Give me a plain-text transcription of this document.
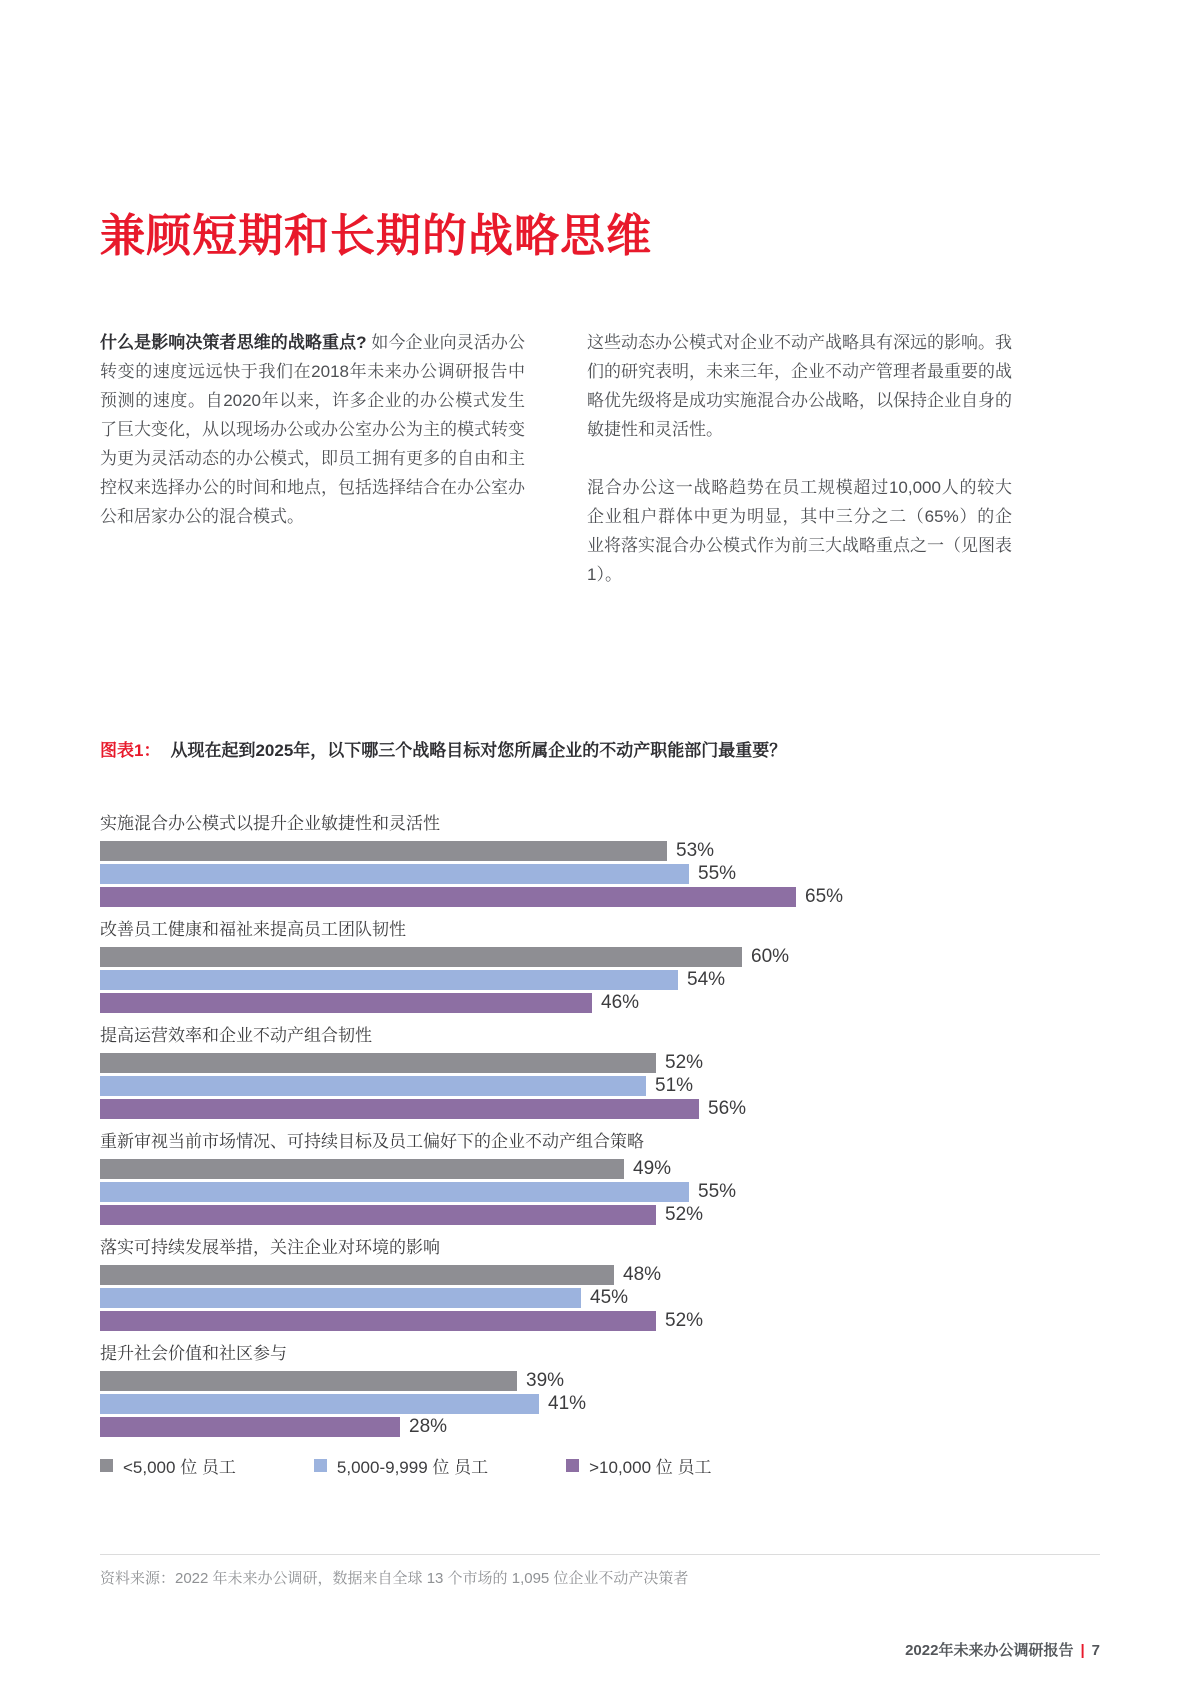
兼顾短期和长期的战略思维

什么是影响决策者思维的战略重点? 如今企业向灵活办公转变的速度远远快于我们在2018年未来办公调研报告中预测的速度。自2020年以来，许多企业的办公模式发生了巨大变化，从以现场办公或办公室办公为主的模式转变为更为灵活动态的办公模式，即员工拥有更多的自由和主控权来选择办公的时间和地点，包括选择结合在办公室办公和居家办公的混合模式。

这些动态办公模式对企业不动产战略具有深远的影响。我们的研究表明，未来三年，企业不动产管理者最重要的战略优先级将是成功实施混合办公战略，以保持企业自身的敏捷性和灵活性。

混合办公这一战略趋势在员工规模超过10,000人的较大企业租户群体中更为明显，其中三分之二（65%）的企业将落实混合办公模式作为前三大战略重点之一（见图表1）。

图表1： 从现在起到2025年，以下哪三个战略目标对您所属企业的不动产职能部门最重要？
实施混合办公模式以提升企业敏捷性和灵活性
53%
55%
65%
改善员工健康和福祉来提高员工团队韧性
60%
54%
46%
提高运营效率和企业不动产组合韧性
52%
51%
56%
重新审视当前市场情况、可持续目标及员工偏好下的企业不动产组合策略
49%
55%
52%
落实可持续发展举措，关注企业对环境的影响
48%
45%
52%
提升社会价值和社区参与
39%
41%
28%
<5,000 位 员工	5,000-9,999 位 员工	>10,000 位 员工
资料来源：2022 年未来办公调研，数据来自全球 13 个市场的 1,095 位企业不动产决策者
2022年未来办公调研报告 | 7
